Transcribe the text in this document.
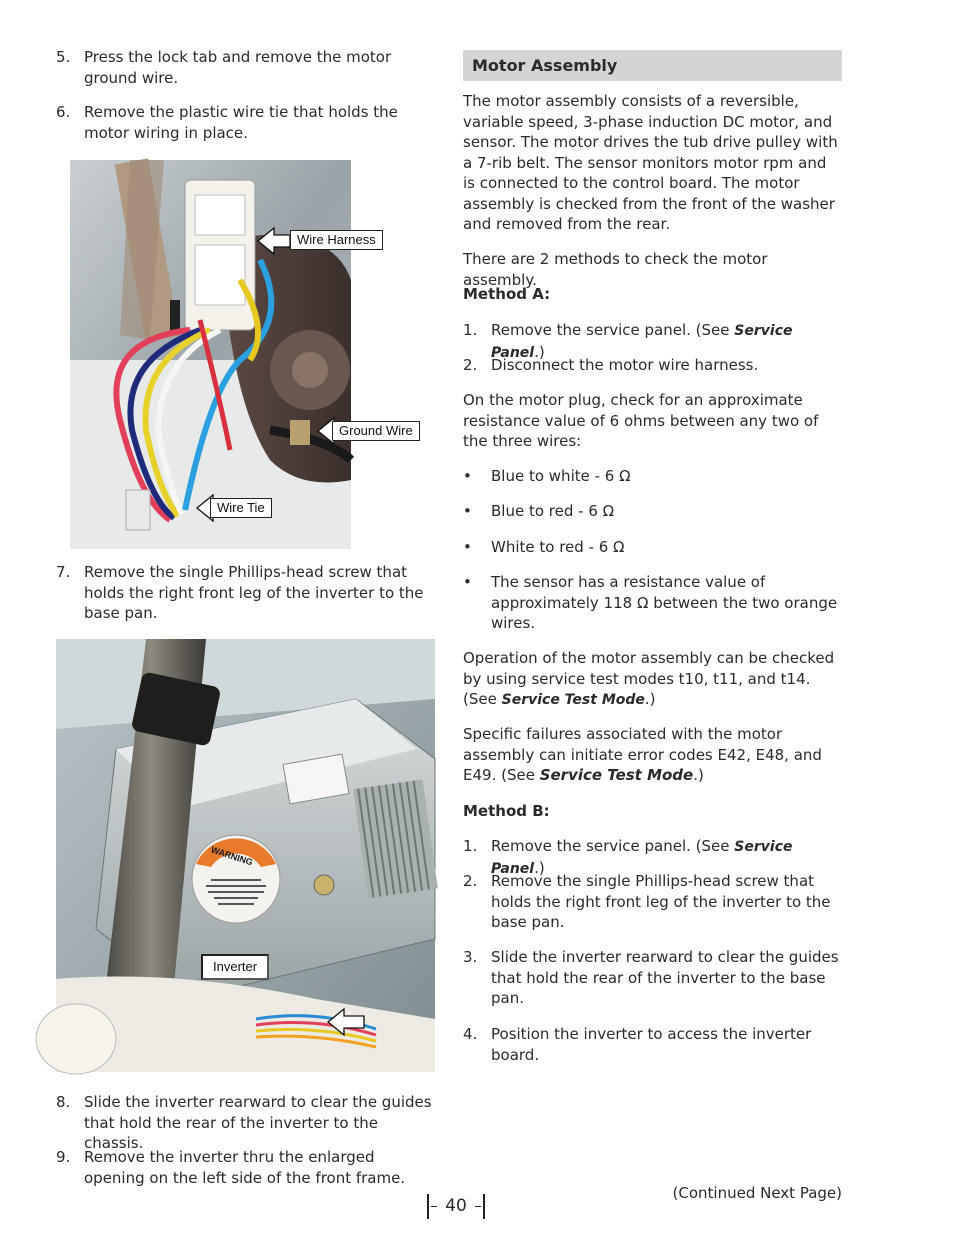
5. Press the lock tab and remove the motor ground wire.
6. Remove the plastic wire tie that holds the motor wiring in place.
Wire Harness
Ground Wire
Wire Tie
7. Remove the single Phillips-head screw that holds the right front leg of the inverter to the base pan.
WARNING
Inverter
8. Slide the inverter rearward to clear the guides that hold the rear of the inverter to the chassis.
9. Remove the inverter thru the enlarged opening on the left side of the front frame.
Motor Assembly
The motor assembly consists of a reversible, variable speed, 3-phase induction DC motor, and sensor. The motor drives the tub drive pulley with a 7-rib belt. The sensor monitors motor rpm and is connected to the control board. The motor assembly is checked from the front of the washer and removed from the rear.
There are 2 methods to check the motor assembly.
Method A:
1. Remove the service panel. (See Service Panel.)
2. Disconnect the motor wire harness.
On the motor plug, check for an approximate resistance value of 6 ohms between any two of the three wires:
• Blue to white - 6 Ω
• Blue to red - 6 Ω
• White to red - 6 Ω
• The sensor has a resistance value of approximately 118 Ω between the two orange wires.
Operation of the motor assembly can be checked by using service test modes t10, t11, and t14. (See Service Test Mode.)
Specific failures associated with the motor assembly can initiate error codes E42, E48, and E49. (See Service Test Mode.)
Method B:
1. Remove the service panel. (See Service Panel.)
2. Remove the single Phillips-head screw that holds the right front leg of the inverter to the base pan.
3. Slide the inverter rearward to clear the guides that hold the rear of the inverter to the base pan.
4. Position the inverter to access the inverter board.
(Continued Next Page)
40
